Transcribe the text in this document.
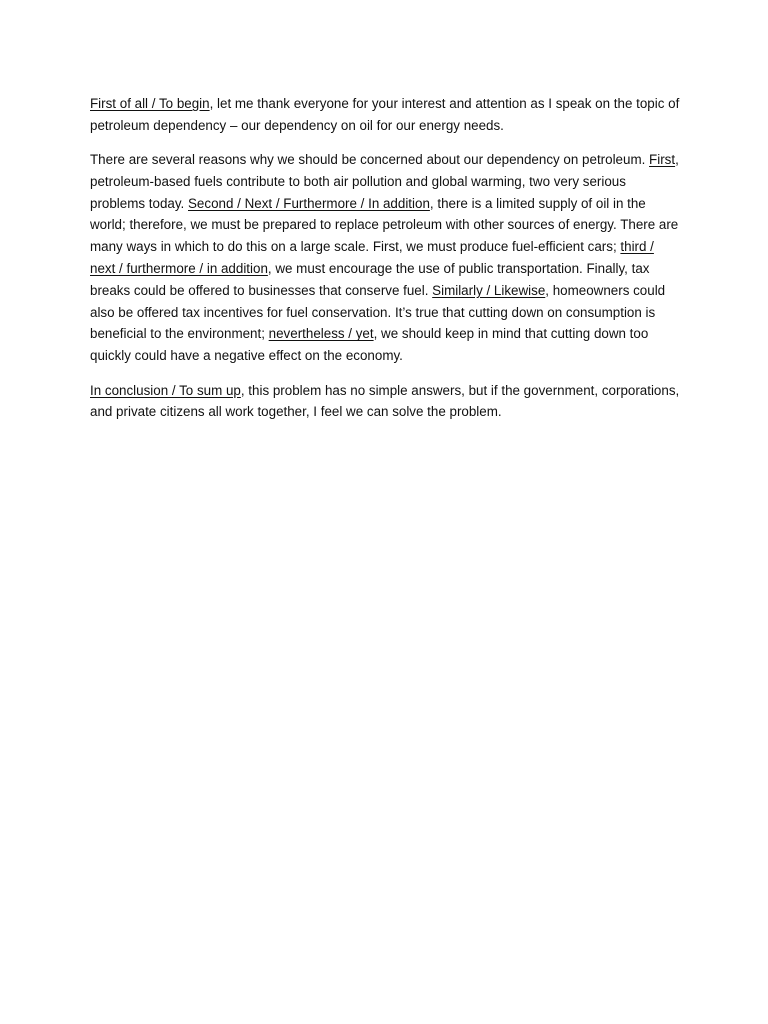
First of all / To begin, let me thank everyone for your interest and attention as I speak on the topic of petroleum dependency – our dependency on oil for our energy needs.

There are several reasons why we should be concerned about our dependency on petroleum. First, petroleum-based fuels contribute to both air pollution and global warming, two very serious problems today. Second / Next / Furthermore / In addition, there is a limited supply of oil in the world; therefore, we must be prepared to replace petroleum with other sources of energy. There are many ways in which to do this on a large scale. First, we must produce fuel-efficient cars; third / next / furthermore / in addition, we must encourage the use of public transportation. Finally, tax breaks could be offered to businesses that conserve fuel. Similarly / Likewise, homeowners could also be offered tax incentives for fuel conservation. It’s true that cutting down on consumption is beneficial to the environment; nevertheless / yet, we should keep in mind that cutting down too quickly could have a negative effect on the economy.

In conclusion / To sum up, this problem has no simple answers, but if the government, corporations, and private citizens all work together, I feel we can solve the problem.
